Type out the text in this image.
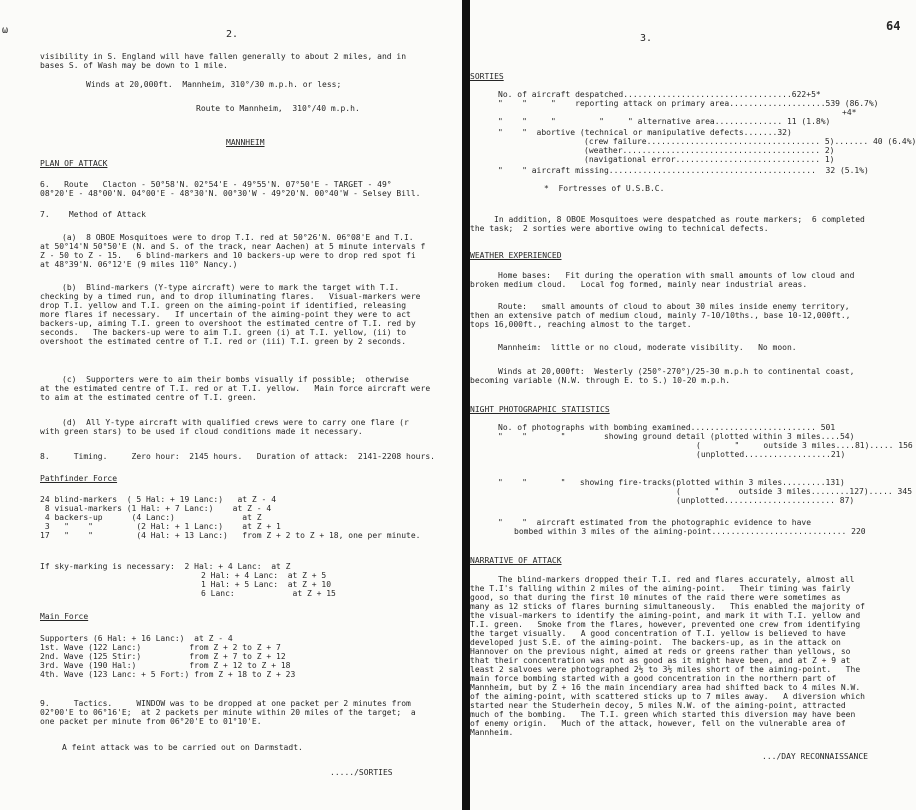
ω	2.
visibility in S. England will have fallen generally to about 2 miles, and in
bases S. of Wash may be down to 1 mile.
Winds at 20,000ft.  Mannheim, 310°/30 m.p.h. or less;
Route to Mannheim,  310°/40 m.p.h.
MANNHEIM
PLAN OF ATTACK
6.   Route   Clacton - 50°58'N. 02°54'E - 49°55'N. 07°50'E - TARGET - 49°
08°20'E - 48°00'N. 04°00'E - 48°30'N. 00°30'W - 49°20'N. 00°40'W - Selsey Bill.
7.    Method of Attack
(a)  8 OBOE Mosquitoes were to drop T.I. red at 50°26'N. 06°08'E and T.I.
at 50°14'N 50°50'E (N. and S. of the track, near Aachen) at 5 minute intervals f
Z - 50 to Z - 15.   6 blind-markers and 10 backers-up were to drop red spot fi
at 48°39'N. 06°12'E (9 miles 110° Nancy.)
(b)  Blind-markers (Y-type aircraft) were to mark the target with T.I.
checking by a timed run, and to drop illuminating flares.   Visual-markers were
drop T.I. yellow and T.I. green on the aiming-point if identified, releasing
more flares if necessary.   If uncertain of the aiming-point they were to act
backers-up, aiming T.I. green to overshoot the estimated centre of T.I. red by
seconds.   The backers-up were to aim T.I. green (i) at T.I. yellow, (ii) to
overshoot the estimated centre of T.I. red or (iii) T.I. green by 2 seconds.
(c)  Supporters were to aim their bombs visually if possible;  otherwise
at the estimated centre of T.I. red or at T.I. yellow.   Main force aircraft were
to aim at the estimated centre of T.I. green.
(d)  All Y-type aircraft with qualified crews were to carry one flare (r
with green stars) to be used if cloud conditions made it necessary.
8.     Timing.     Zero hour:  2145 hours.   Duration of attack:  2141-2208 hours.
Pathfinder Force
24 blind-markers  ( 5 Hal: + 19 Lanc:)   at Z - 4
8 visual-markers (1 Hal: + 7 Lanc:)    at Z - 4
4 backers-up      (4 Lanc:)              at Z
3   "    "         (2 Hal: + 1 Lanc:)    at Z + 1
17   "    "         (4 Hal: + 13 Lanc:)   from Z + 2 to Z + 18, one per minute.
If sky-marking is necessary:  2 Hal: + 4 Lanc:  at Z
2 Hal: + 4 Lanc:  at Z + 5
1 Hal: + 5 Lanc:  at Z + 10
6 Lanc:            at Z + 15
Main Force
Supporters (6 Hal: + 16 Lanc:)  at Z - 4
1st. Wave (122 Lanc:)          from Z + 2 to Z + 7
2nd. Wave (125 Stir:)          from Z + 7 to Z + 12
3rd. Wave (190 Hal:)           from Z + 12 to Z + 18
4th. Wave (123 Lanc: + 5 Fort:) from Z + 18 to Z + 23
9.     Tactics.     WINDOW was to be dropped at one packet per 2 minutes from
02°00'E to 06°16'E;  at 2 packets per minute within 20 miles of the target;  a
one packet per minute from 06°20'E to 01°10'E.
A feint attack was to be carried out on Darmstadt.
...../SORTIES
3.
64
SORTIES
No. of aircraft despatched...................................622+5*
"    "     "    reporting attack on primary area....................539 (86.7%)
+4*
"    "     "         "     " alternative area.............. 11 (1.8%)
"    "  abortive (technical or manipulative defects.......32)
(crew failure.................................... 5)....... 40 (6.4%)
(weather......................................... 2)
(navigational error.............................. 1)
"    " aircraft missing...........................................  32 (5.1%)
*  Fortresses of U.S.B.C.
In addition, 8 OBOE Mosquitoes were despatched as route markers;  6 completed
the task;  2 sorties were abortive owing to technical defects.
WEATHER EXPERIENCED
Home bases:   Fit during the operation with small amounts of low cloud and
broken medium cloud.   Local fog formed, mainly near industrial areas.
Route:   small amounts of cloud to about 30 miles inside enemy territory,
then an extensive patch of medium cloud, mainly 7-10/10ths., base 10-12,000ft.,
tops 16,000ft., reaching almost to the target.
Mannheim:  little or no cloud, moderate visibility.   No moon.
Winds at 20,000ft:  Westerly (250°-270°)/25-30 m.p.h to continental coast,
becoming variable (N.W. through E. to S.) 10-20 m.p.h.
NIGHT PHOTOGRAPHIC STATISTICS
No. of photographs with bombing examined.......................... 501
"    "       "        showing ground detail (plotted within 3 miles....54)
(       "     outside 3 miles....81)..... 156
(unplotted..................21)
"    "       "   showing fire-tracks(plotted within 3 miles.........131)
(       "    outside 3 miles........127)..... 345
(unplotted....................... 87)
"    "  aircraft estimated from the photographic evidence to have
bombed within 3 miles of the aiming-point............................ 220
NARRATIVE OF ATTACK
The blind-markers dropped their T.I. red and flares accurately, almost all
the T.I's falling within 2 miles of the aiming-point.   Their timing was fairly
good, so that during the first 10 minutes of the raid there were sometimes as
many as 12 sticks of flares burning simultaneously.   This enabled the majority of
the visual-markers to identify the aiming-point, and mark it with T.I. yellow and
T.I. green.   Smoke from the flares, however, prevented one crew from identifying
the target visually.   A good concentration of T.I. yellow is believed to have
developed just S.E. of the aiming-point.  The backers-up, as in the attack on
Hannover on the previous night, aimed at reds or greens rather than yellows, so
that their concentration was not as good as it might have been, and at Z + 9 at
least 2 salvoes were photographed 2½ to 3½ miles short of the aiming-point.   The
main force bombing started with a good concentration in the northern part of
Mannheim, but by Z + 16 the main incendiary area had shifted back to 4 miles N.W.
of the aiming-point, with scattered sticks up to 7 miles away.   A diversion which
started near the Studerhein decoy, 5 miles N.W. of the aiming-point, attracted
much of the bombing.   The T.I. green which started this diversion may have been
of enemy origin.   Much of the attack, however, fell on the vulnerable area of
Mannheim.
.../DAY RECONNAISSANCE
